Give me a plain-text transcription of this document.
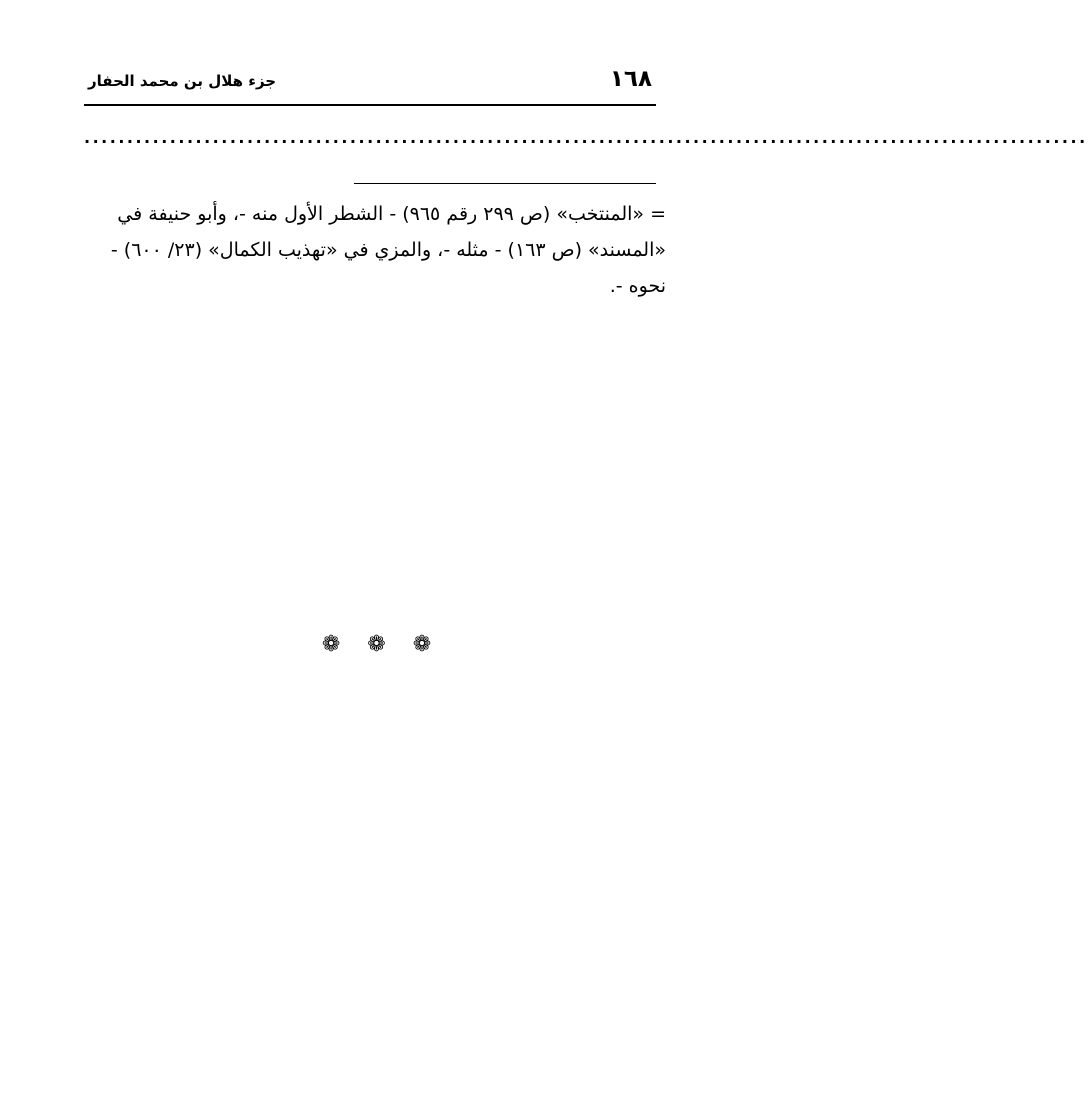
١٦٨
جزء هلال بن محمد الحفار
.....................................................................................................................
= «المنتخب» (ص ٢٩٩ رقم ٩٦٥) - الشطر الأول منه -، وأبو حنيفة في
«المسند» (ص ١٦٣) - مثله -، والمزي في «تهذيب الكمال» (٢٣/ ٦٠٠) -
نحوه -.
❁ ❁ ❁
